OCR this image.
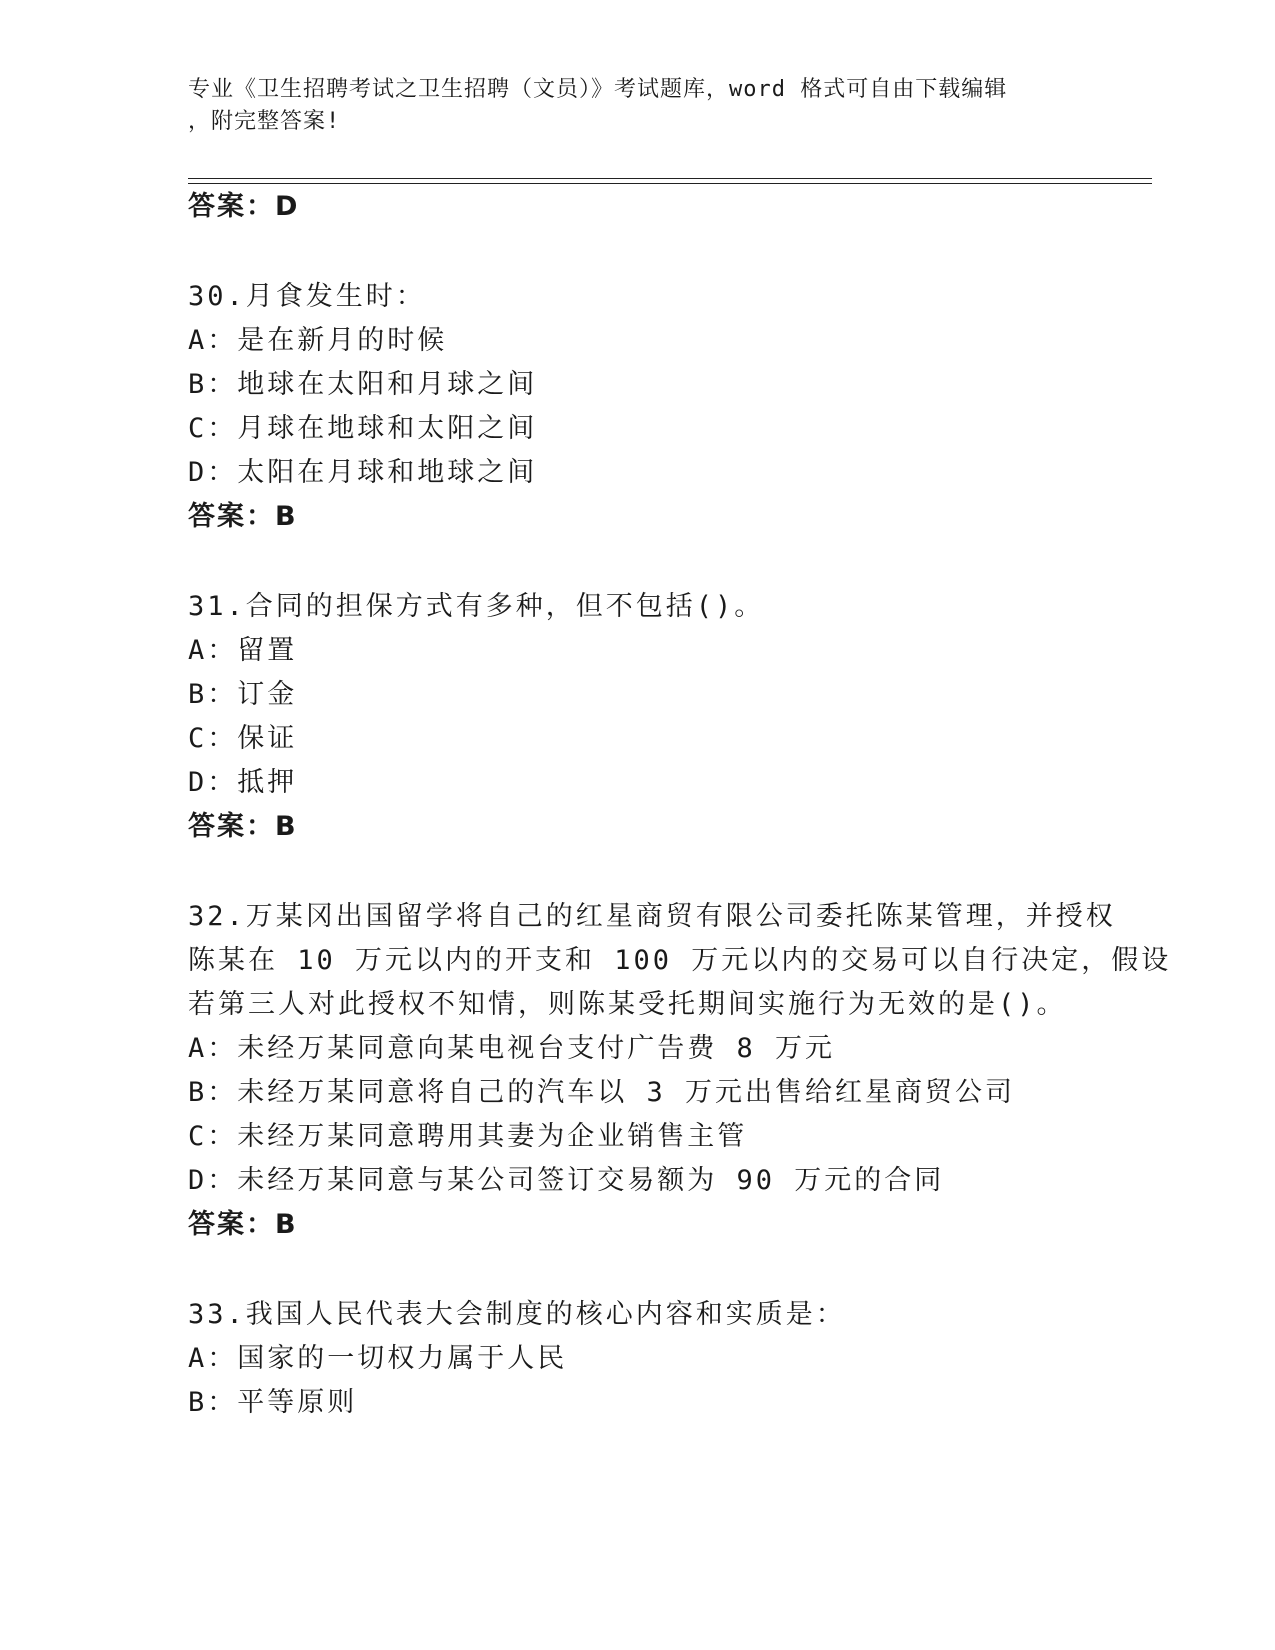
专业《卫生招聘考试之卫生招聘（文员）》考试题库，word 格式可自由下载编辑
，附完整答案!
答案：D
30.月食发生时：
A：是在新月的时候
B：地球在太阳和月球之间
C：月球在地球和太阳之间
D：太阳在月球和地球之间
答案：B
31.合同的担保方式有多种，但不包括()。
A：留置
B：订金
C：保证
D：抵押
答案：B
32.万某冈出国留学将自己的红星商贸有限公司委托陈某管理，并授权
陈某在 10 万元以内的开支和 100 万元以内的交易可以自行决定，假设
若第三人对此授权不知情，则陈某受托期间实施行为无效的是()。
A：未经万某同意向某电视台支付广告费 8 万元
B：未经万某同意将自己的汽车以 3 万元出售给红星商贸公司
C：未经万某同意聘用其妻为企业销售主管
D：未经万某同意与某公司签订交易额为 90 万元的合同
答案：B
33.我国人民代表大会制度的核心内容和实质是：
A：国家的一切权力属于人民
B：平等原则
